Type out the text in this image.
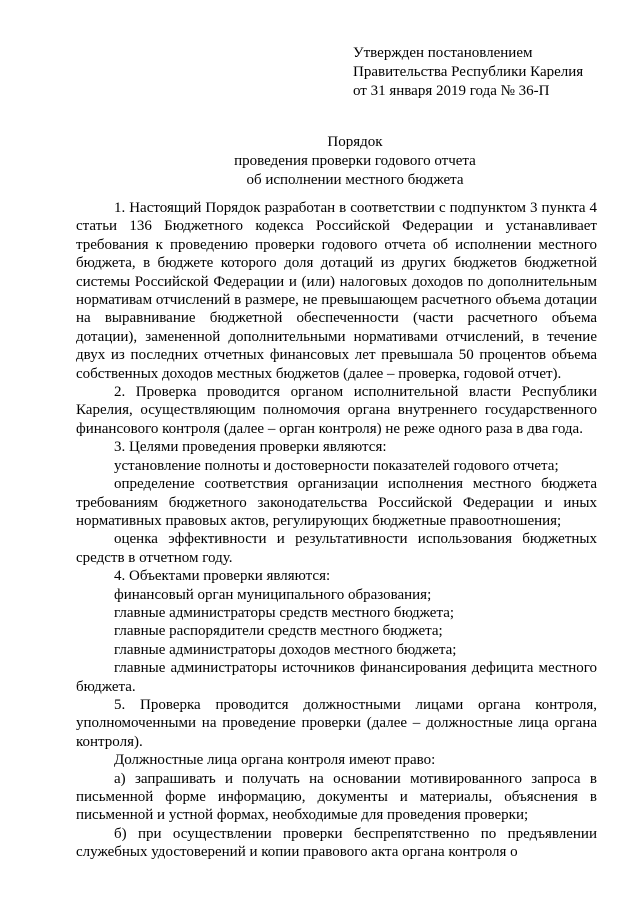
Утвержден постановлением
Правительства Республики Карелия
от 31 января 2019 года № 36-П
Порядок
проведения проверки годового отчета
об исполнении местного бюджета

1. Настоящий Порядок разработан в соответствии с подпунктом 3 пункта 4 статьи 136 Бюджетного кодекса Российской Федерации и устанавливает требования к проведению проверки годового отчета об исполнении местного бюджета, в бюджете которого доля дотаций из других бюджетов бюджетной системы Российской Федерации и (или) налоговых доходов по дополнительным нормативам отчислений в размере, не превышающем расчетного объема дотации на выравнивание бюджетной обеспеченности (части расчетного объема дотации), замененной дополнительными нормативами отчислений, в течение двух из последних отчетных финансовых лет превышала 50 процентов объема собственных доходов местных бюджетов (далее – проверка, годовой отчет).

2. Проверка проводится органом исполнительной власти Республики Карелия, осуществляющим полномочия органа внутреннего государственного финансового контроля (далее – орган контроля) не реже одного раза в два года.

3. Целями проведения проверки являются:

установление полноты и достоверности показателей годового отчета;

определение соответствия организации исполнения местного бюджета требованиям бюджетного законодательства Российской Федерации и иных нормативных правовых актов, регулирующих бюджетные правоотношения;

оценка эффективности и результативности использования бюджетных средств в отчетном году.

4. Объектами проверки являются:

финансовый орган муниципального образования;

главные администраторы средств местного бюджета;

главные распорядители средств местного бюджета;

главные администраторы доходов местного бюджета;

главные администраторы источников финансирования дефицита местного бюджета.

5. Проверка проводится должностными лицами органа контроля, уполномоченными на проведение проверки (далее – должностные лица органа контроля).

Должностные лица органа контроля имеют право:

а) запрашивать и получать на основании мотивированного запроса в письменной форме информацию, документы и материалы, объяснения в письменной и устной формах, необходимые для проведения проверки;

б) при осуществлении проверки беспрепятственно по предъявлении служебных удостоверений и копии правового акта органа контроля о
